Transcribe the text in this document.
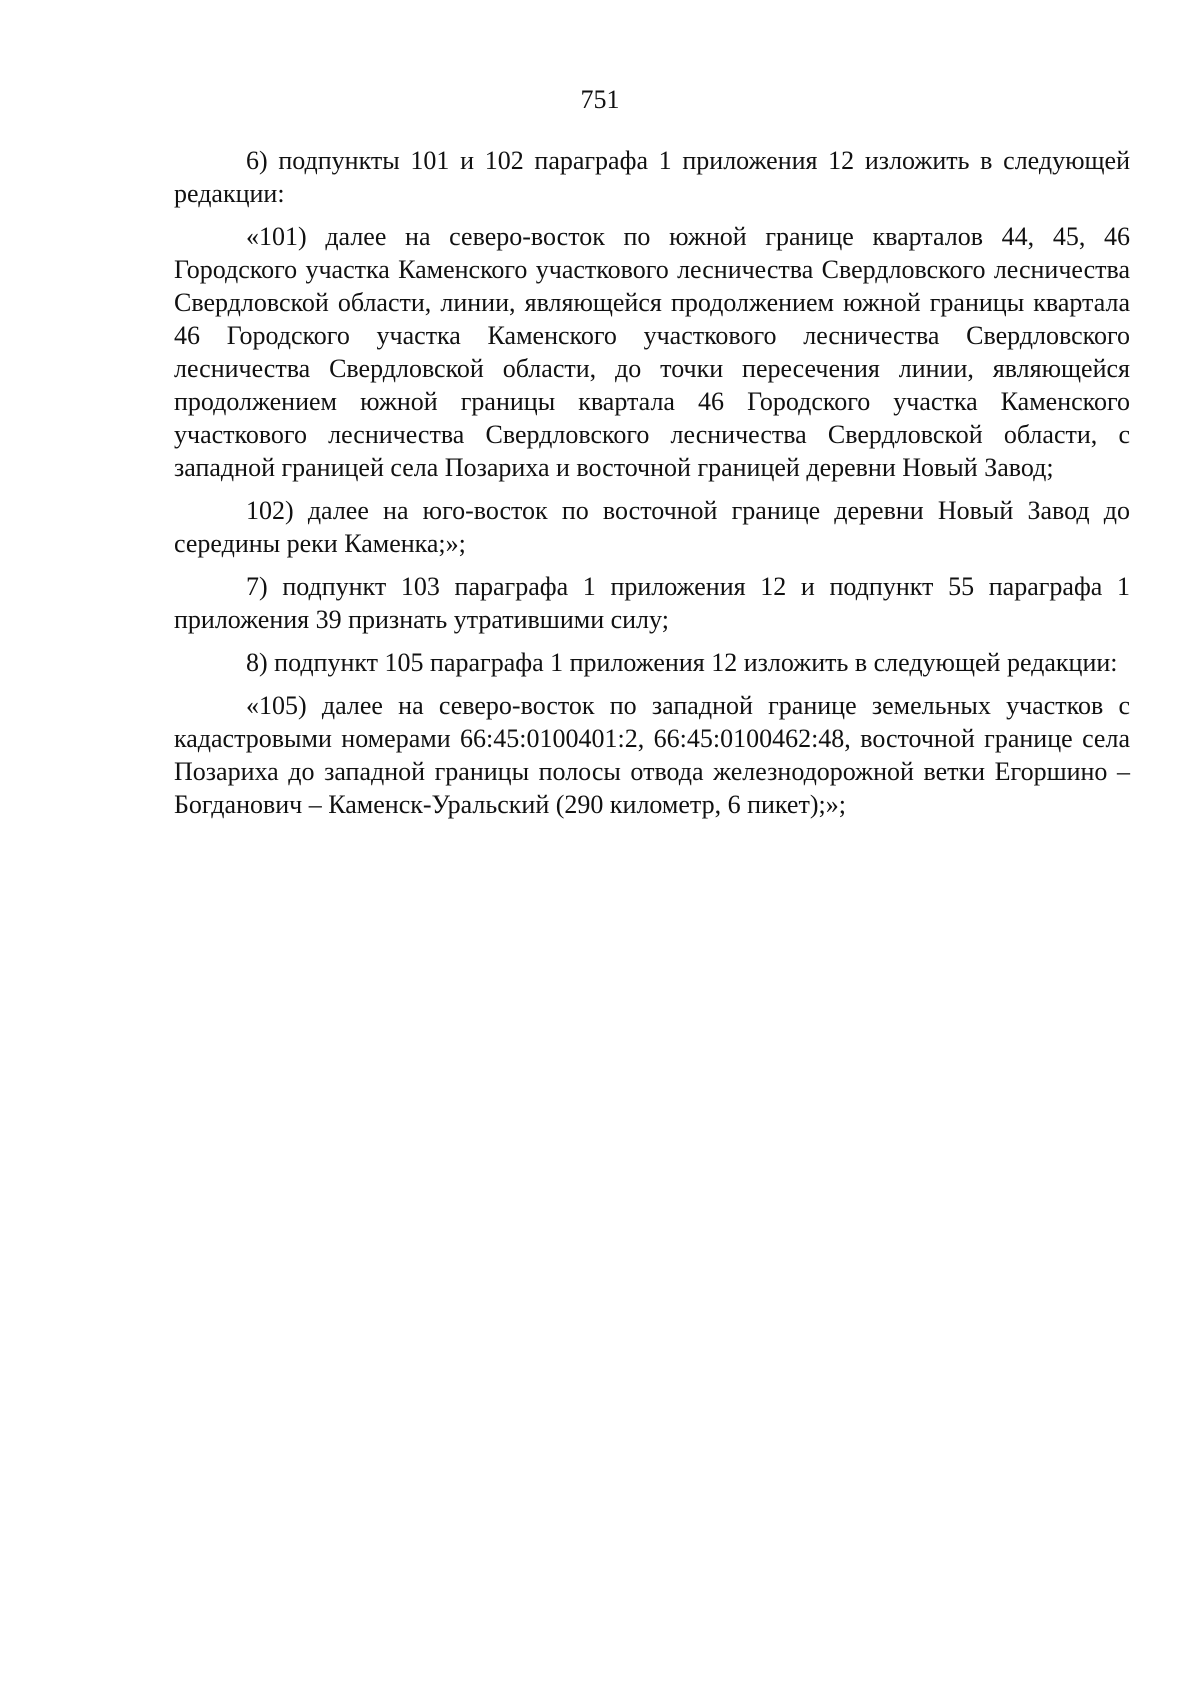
751

6) подпункты 101 и 102 параграфа 1 приложения 12 изложить в следующей редакции:

«101) далее на северо-восток по южной границе кварталов 44, 45, 46 Городского участка Каменского участкового лесничества Свердловского лесничества Свердловской области, линии, являющейся продолжением южной границы квартала 46 Городского участка Каменского участкового лесничества Свердловского лесничества Свердловской области, до точки пересечения линии, являющейся продолжением южной границы квартала 46 Городского участка Каменского участкового лесничества Свердловского лесничества Свердловской области, с западной границей села Позариха и восточной границей деревни Новый Завод;

102) далее на юго-восток по восточной границе деревни Новый Завод до середины реки Каменка;»;

7) подпункт 103 параграфа 1 приложения 12 и подпункт 55 параграфа 1 приложения 39 признать утратившими силу;

8) подпункт 105 параграфа 1 приложения 12 изложить в следующей редакции:

«105) далее на северо-восток по западной границе земельных участков с кадастровыми номерами 66:45:0100401:2, 66:45:0100462:48, восточной границе села Позариха до западной границы полосы отвода железнодорожной ветки Егоршино – Богданович – Каменск-Уральский (290 километр, 6 пикет);»;
